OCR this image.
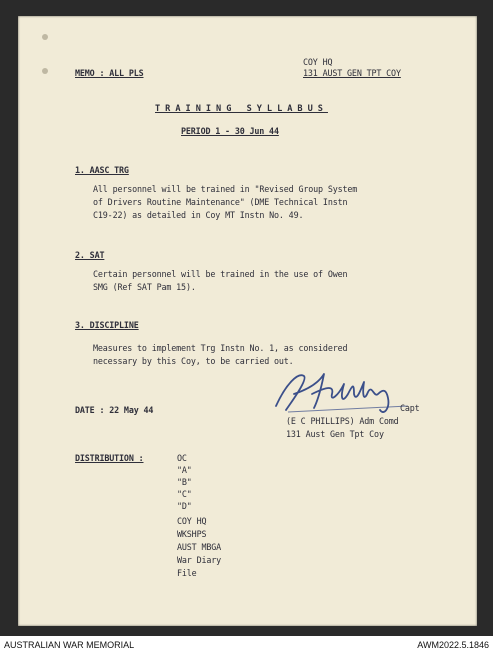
MEMO : ALL PLS
COY HQ
131 AUST GEN TPT COY
TRAINING SYLLABUS
PERIOD 1 - 30 Jun 44
1. AASC TRG
All personnel will be trained in "Revised Group System
of Drivers Routine Maintenance" (DME Technical Instn
C19-22) as detailed in Coy MT Instn No. 49.
2. SAT
Certain personnel will be trained in the use of Owen
SMG (Ref SAT Pam 15).
3. DISCIPLINE
Measures to implement Trg Instn No. 1, as considered
necessary by this Coy, to be carried out.
DATE : 22 May 44	Capt
(E C PHILLIPS) Adm Comd
131 Aust Gen Tpt Coy
DISTRIBUTION :	OC
"A"
"B"
"C"
"D"
COY HQ
WKSHPS
AUST MBGA
War Diary
File
AUSTRALIAN WAR MEMORIAL	AWM2022.5.1846
